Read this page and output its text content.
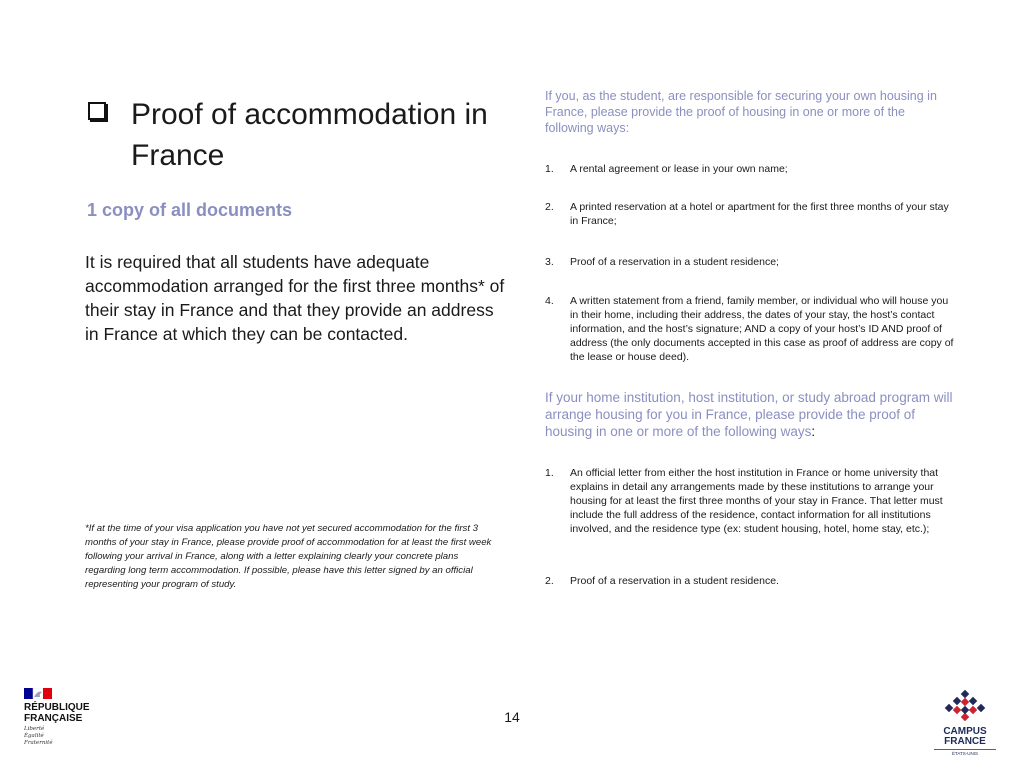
Proof of accommodation in France
1 copy of all documents
It is required that all students have adequate accommodation arranged for the first three months* of their stay in France and that they provide an address in France at which they can be contacted.
*If at the time of your visa application you have not yet secured accommodation for the first 3 months of your stay in France, please provide proof of accommodation for at least the first week following your arrival in France, along with a letter explaining clearly your concrete plans regarding long term accommodation. If possible, please have this letter signed by an official representing your program of study.
If you, as the student, are responsible for securing your own housing in France, please provide the proof of housing in one or more of the following ways:
1.	A rental agreement or lease in your own name;
2.	A printed reservation at a hotel or apartment for the first three months of your stay in France;
3.	Proof of a reservation in a student residence;
4.	A written statement from a friend, family member, or individual who will house you in their home, including their address, the dates of your stay, the host’s contact information, and the host’s signature; AND a copy of your host’s ID AND proof of address (the only documents accepted in this case as proof of address are copy of the lease or house deed).
If your home institution, host institution, or study abroad program will arrange housing for you in France, please provide the proof of housing in one or more of the following ways:
1.	An official letter from either the host institution in France or home university that explains in detail any arrangements made by these institutions to arrange your housing for at least the first three months of your stay in France. That letter must include the full address of the residence, contact information for all institutions involved, and the residence type (ex: student housing, hotel, home stay, etc.);
2.	Proof of a reservation in a student residence.
RÉPUBLIQUE
FRANÇAISE
Liberté
Égalité
Fraternité
14
CAMPUS
FRANCE
ÉTATS-UNIS
